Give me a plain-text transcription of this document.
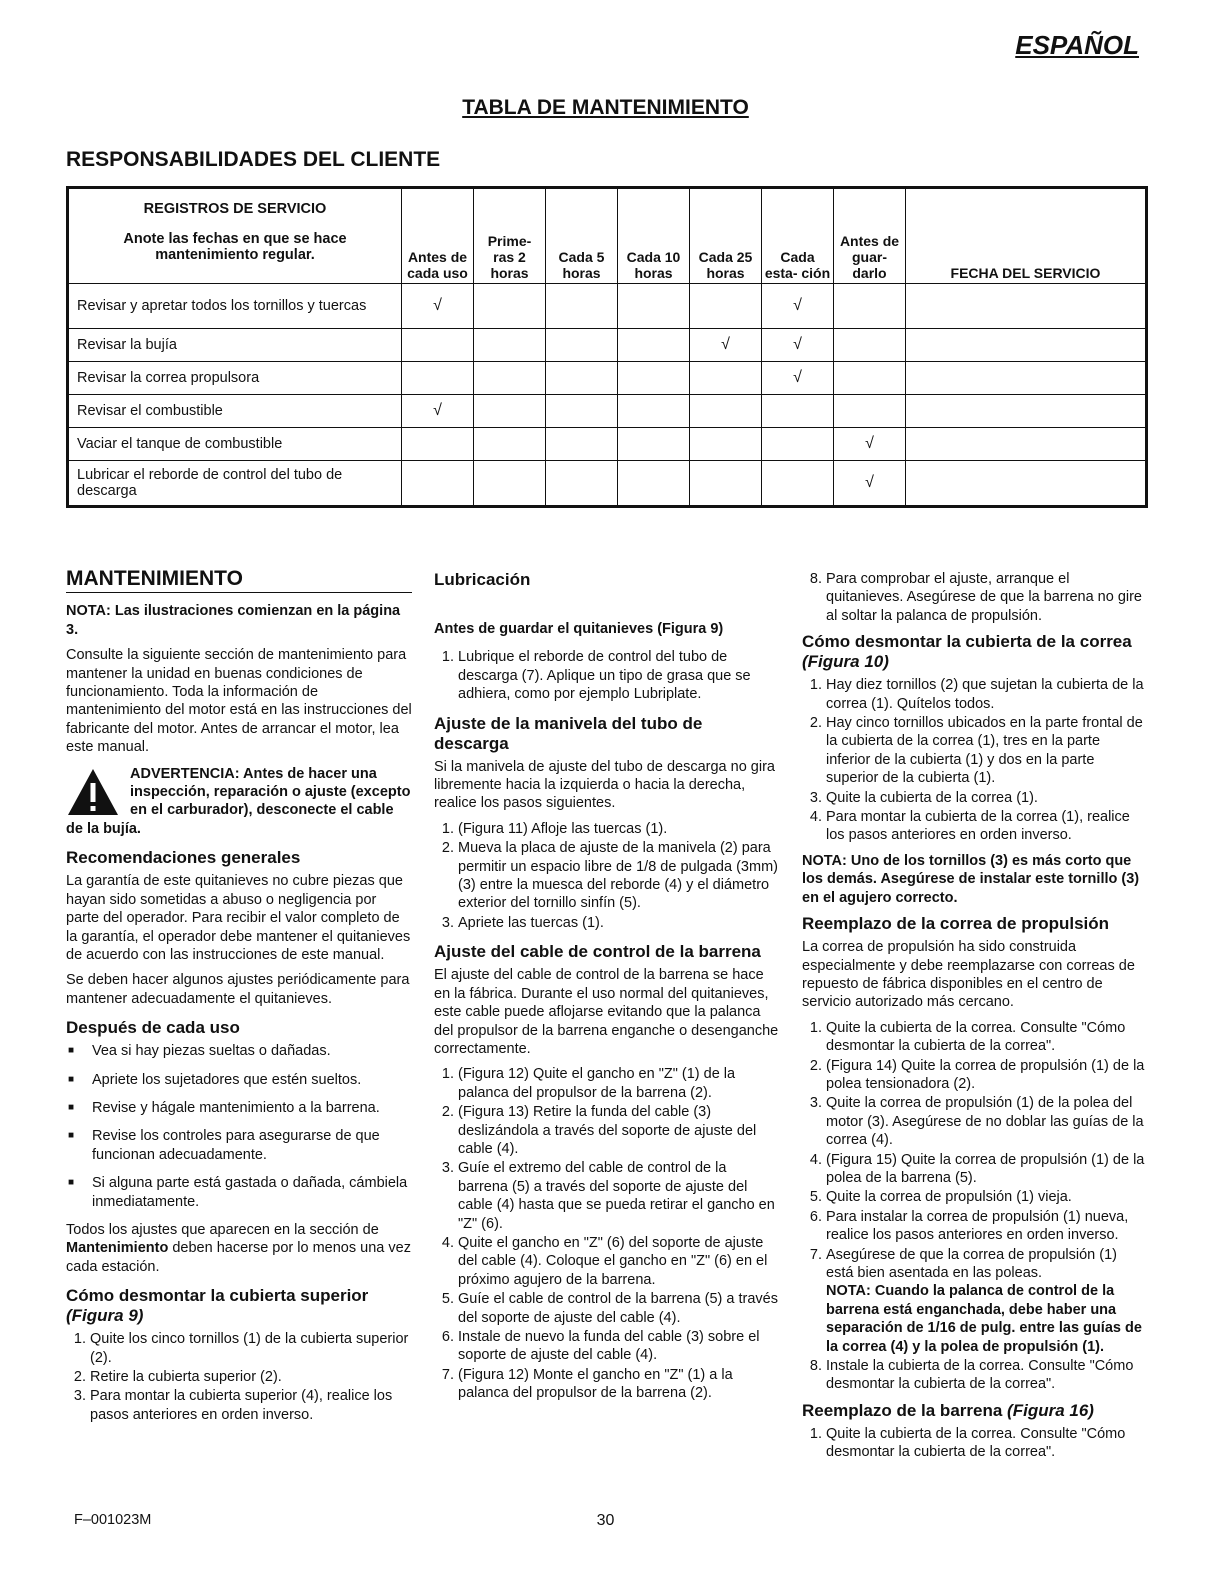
ESPAÑOL
TABLA DE MANTENIMIENTO
RESPONSABILIDADES DEL CLIENTE
REGISTROS DE SERVICIO
Anote las fechas en que se hace mantenimiento regular.	Antes de cada uso	Prime- ras 2 horas	Cada 5 horas	Cada 10 horas	Cada 25 horas	Cada esta- ción	Antes de guar- darlo	FECHA DEL SERVICIO
Revisar y apretar todos los tornillos y tuercas	√					√		
Revisar la bujía					√	√		
Revisar la correa propulsora						√		
Revisar el combustible	√							
Vaciar el tanque de combustible							√	
Lubricar el reborde de control del tubo de descarga							√	
MANTENIMIENTO

NOTA: Las ilustraciones comienzan en la página 3.

Consulte la siguiente sección de mantenimiento para mantener la unidad en buenas condiciones de funcionamiento. Toda la información de mantenimiento del motor está en las instrucciones del fabricante del motor. Antes de arrancar el motor, lea este manual.

ADVERTENCIA: Antes de hacer una inspección, reparación o ajuste (excepto en el carburador), desconecte el cable de la bujía.
Recomendaciones generales

La garantía de este quitanieves no cubre piezas que hayan sido sometidas a abuso o negligencia por parte del operador. Para recibir el valor completo de la garantía, el operador debe mantener el quitanieves de acuerdo con las instrucciones de este manual.

Se deben hacer algunos ajustes periódicamente para mantener adecuadamente el quitanieves.

Después de cada uso
■ Vea si hay piezas sueltas o dañadas.
■ Apriete los sujetadores que estén sueltos.
■ Revise y hágale mantenimiento a la barrena.
■ Revise los controles para asegurarse de que funcionan adecuadamente.
■ Si alguna parte está gastada o dañada, cámbiela inmediatamente.

Todos los ajustes que aparecen en la sección de Mantenimiento deben hacerse por lo menos una vez cada estación.

Cómo desmontar la cubierta superior
(Figura 9)
1. Quite los cinco tornillos (1) de la cubierta superior (2).
2. Retire la cubierta superior (2).
3. Para montar la cubierta superior (4), realice los pasos anteriores en orden inverso.
Lubricación
Antes de guardar el quitanieves (Figura 9)
1. Lubrique el reborde de control del tubo de descarga (7). Aplique un tipo de grasa que se adhiera, como por ejemplo Lubriplate.
Ajuste de la manivela del tubo de descarga

Si la manivela de ajuste del tubo de descarga no gira libremente hacia la izquierda o hacia la derecha, realice los pasos siguientes.

1. (Figura 11) Afloje las tuercas (1).
2. Mueva la placa de ajuste de la manivela (2) para permitir un espacio libre de 1/8 de pulgada (3mm) (3) entre la muesca del reborde (4) y el diámetro exterior del tornillo sinfín (5).
3. Apriete las tuercas (1).
Ajuste del cable de control de la barrena

El ajuste del cable de control de la barrena se hace en la fábrica. Durante el uso normal del quitanieves, este cable puede aflojarse evitando que la palanca del propulsor de la barrena enganche o desenganche correctamente.

1. (Figura 12) Quite el gancho en "Z" (1) de la palanca del propulsor de la barrena (2).
2. (Figura 13) Retire la funda del cable (3) deslizándola a través del soporte de ajuste del cable (4).
3. Guíe el extremo del cable de control de la barrena (5) a través del soporte de ajuste del cable (4) hasta que se pueda retirar el gancho en "Z" (6).
4. Quite el gancho en "Z" (6) del soporte de ajuste del cable (4). Coloque el gancho en "Z" (6) en el próximo agujero de la barrena.
5. Guíe el cable de control de la barrena (5) a través del soporte de ajuste del cable (4).
6. Instale de nuevo la funda del cable (3) sobre el soporte de ajuste del cable (4).
7. (Figura 12) Monte el gancho en "Z" (1) a la palanca del propulsor de la barrena (2).
8. Para comprobar el ajuste, arranque el quitanieves. Asegúrese de que la barrena no gire al soltar la palanca de propulsión.
Cómo desmontar la cubierta de la correa (Figura 10)
1. Hay diez tornillos (2) que sujetan la cubierta de la correa (1). Quítelos todos.
2. Hay cinco tornillos ubicados en la parte frontal de la cubierta de la correa (1), tres en la parte inferior de la cubierta (1) y dos en la parte superior de la cubierta (1).
3. Quite la cubierta de la correa (1).
4. Para montar la cubierta de la correa (1), realice los pasos anteriores en orden inverso.

NOTA: Uno de los tornillos (3) es más corto que los demás. Asegúrese de instalar este tornillo (3) en el agujero correcto.

Reemplazo de la correa de propulsión

La correa de propulsión ha sido construida especialmente y debe reemplazarse con correas de repuesto de fábrica disponibles en el centro de servicio autorizado más cercano.

1. Quite la cubierta de la correa. Consulte "Cómo desmontar la cubierta de la correa".
2. (Figura 14) Quite la correa de propulsión (1) de la polea tensionadora (2).
3. Quite la correa de propulsión (1) de la polea del motor (3). Asegúrese de no doblar las guías de la correa (4).
4. (Figura 15) Quite la correa de propulsión (1) de la polea de la barrena (5).
5. Quite la correa de propulsión (1) vieja.
6. Para instalar la correa de propulsión (1) nueva, realice los pasos anteriores en orden inverso.
7. Asegúrese de que la correa de propulsión (1) está bien asentada en las poleas.
NOTA: Cuando la palanca de control de la barrena está enganchada, debe haber una separación de 1/16 de pulg. entre las guías de la correa (4) y la polea de propulsión (1).
8. Instale la cubierta de la correa. Consulte "Cómo desmontar la cubierta de la correa".
Reemplazo de la barrena (Figura 16)
1. Quite la cubierta de la correa. Consulte "Cómo desmontar la cubierta de la correa".
F–001023M	30
